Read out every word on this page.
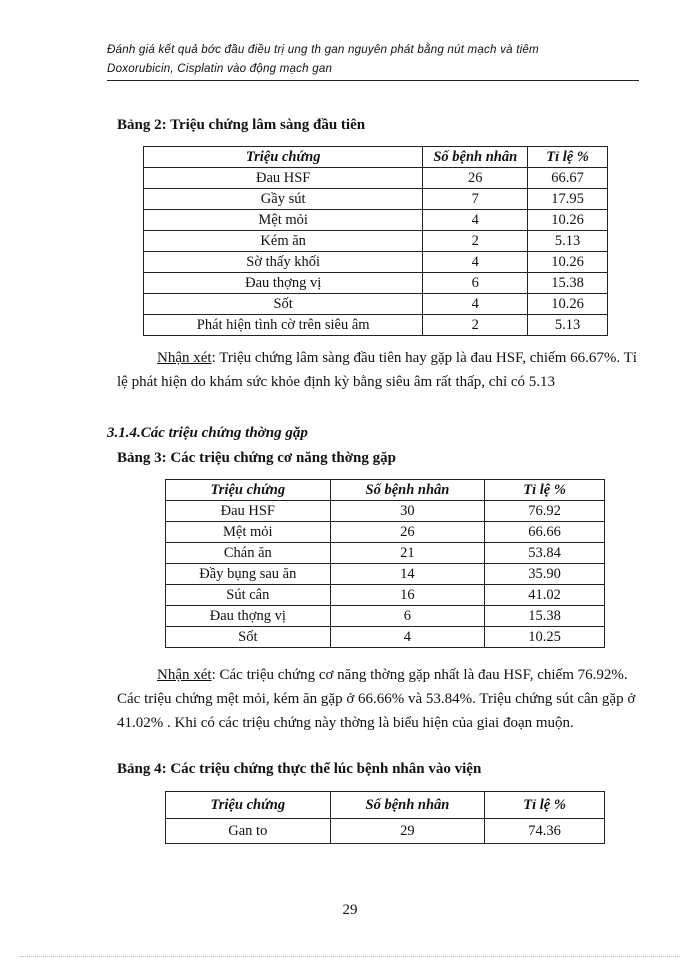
Đánh giá kết quả bớc đầu điều trị ung th gan nguyên phát bằng nút mạch và tiêm
Doxorubicin, Cisplatin vào động mạch gan
Bảng 2: Triệu chứng lâm sàng đầu tiên
Triệu chứng	Số bệnh nhân	Tỉ lệ %
Đau HSF	26	66.67
Gầy sút	7	17.95
Mệt mỏi	4	10.26
Kém ăn	2	5.13
Sờ thấy khối	4	10.26
Đau thợng vị	6	15.38
Sốt	4	10.26
Phát hiện tình cờ trên siêu âm	2	5.13
Nhận xét: Triệu chứng lâm sàng đầu tiên hay gặp là đau HSF, chiếm 66.67%. Tỉ lệ phát hiện do khám sức khỏe định kỳ bằng siêu âm rất thấp, chỉ có 5.13
3.1.4.Các triệu chứng thờng gặp
Bảng 3: Các triệu chứng cơ năng thờng gặp
Triệu chứng	Số bệnh nhân	Tỉ lệ %
Đau HSF	30	76.92
Mệt mỏi	26	66.66
Chán ăn	21	53.84
Đầy bụng sau ăn	14	35.90
Sút cân	16	41.02
Đau thợng vị	6	15.38
Sốt	4	10.25
Nhận xét: Các triệu chứng cơ năng thờng gặp nhất là đau HSF, chiếm 76.92%. Các triệu chứng mệt mỏi, kém ăn gặp ở 66.66% và 53.84%. Triệu chứng sút cân gặp ở 41.02% . Khi có các triệu chứng này thờng là biểu hiện của giai đoạn muộn.
Bảng 4: Các triệu chứng thực thể lúc bệnh nhân vào viện
Triệu chứng	Số bệnh nhân	Tỉ lệ %
Gan to	29	74.36
29
